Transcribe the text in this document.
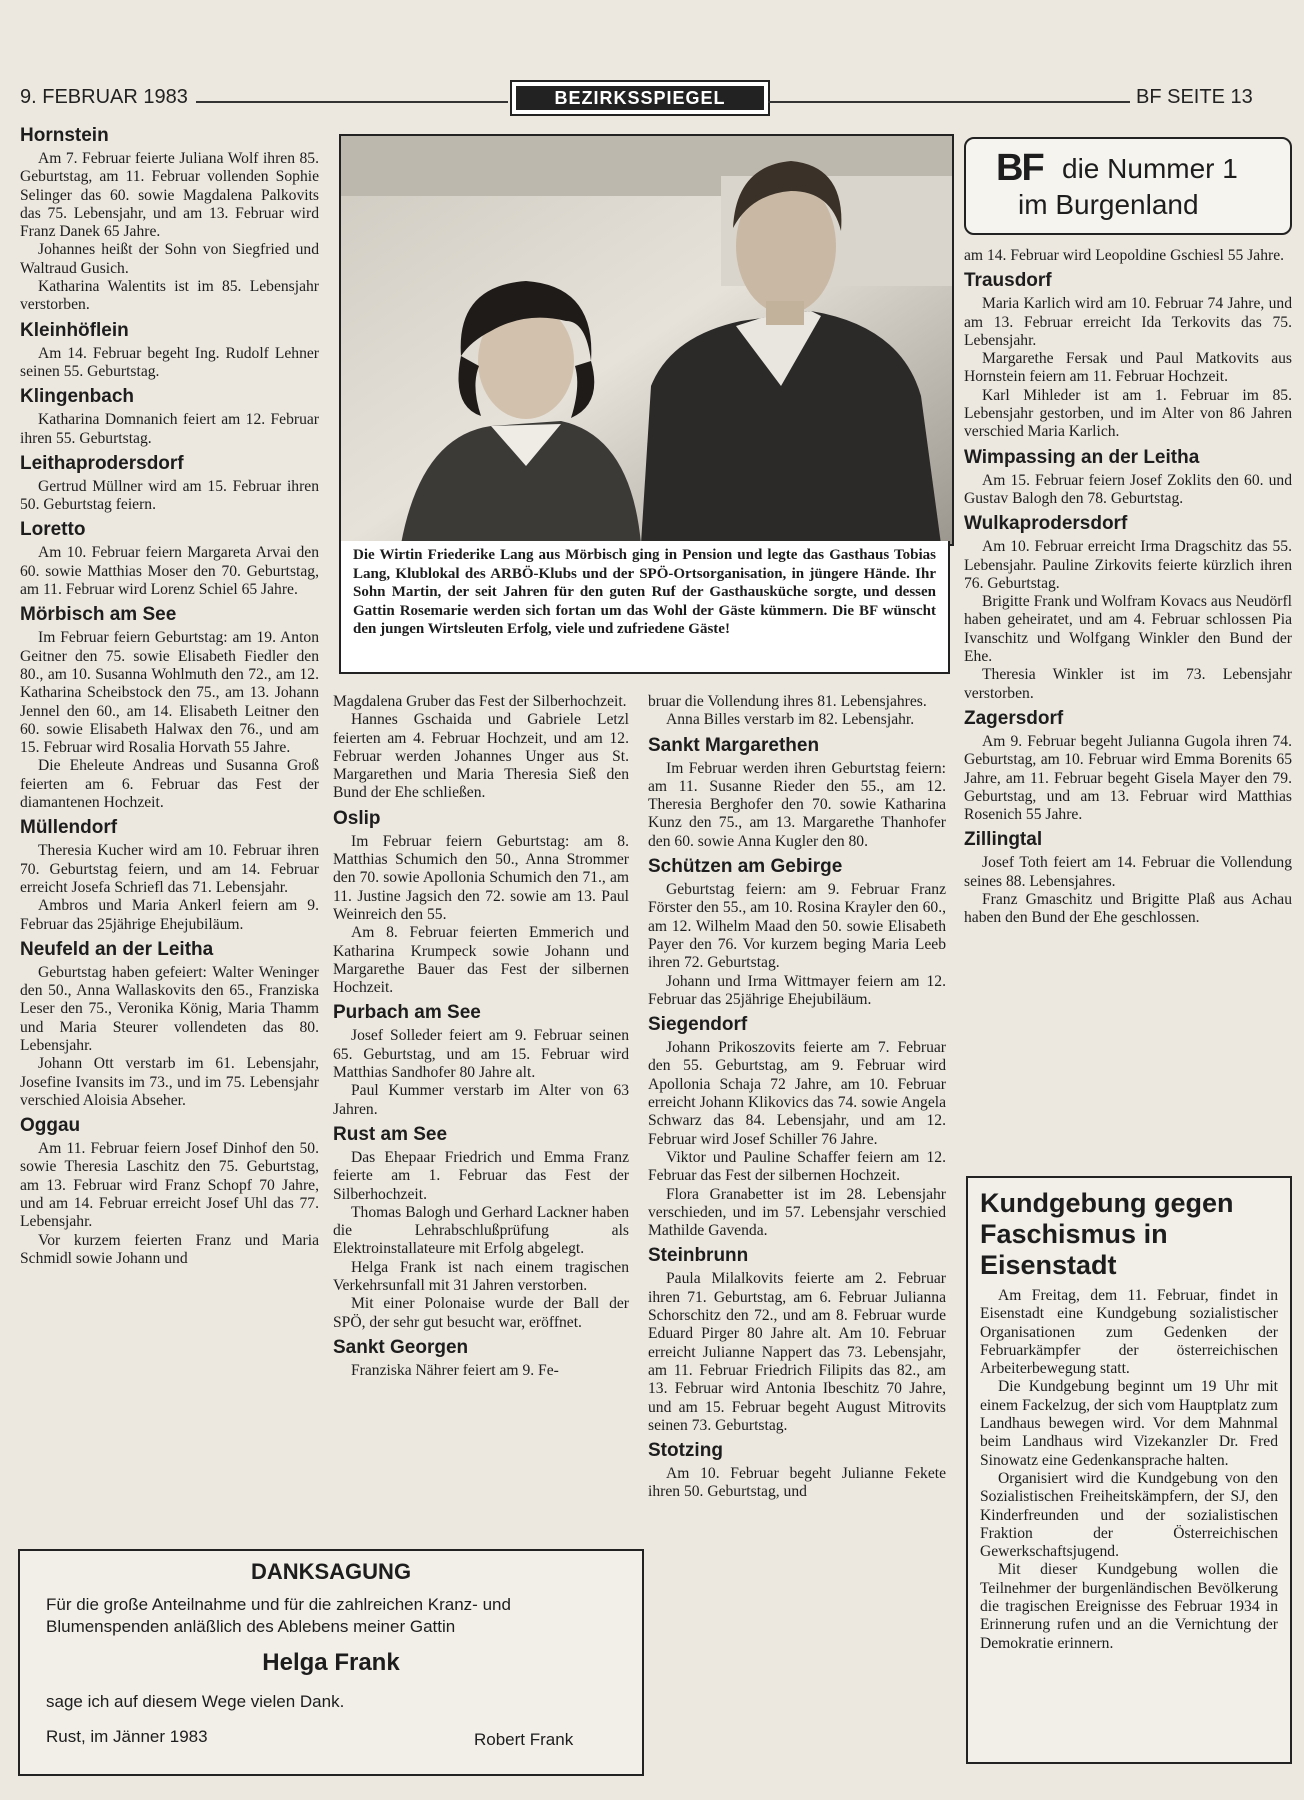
9. FEBRUAR 1983	BEZIRKSSPIEGEL	BF SEITE 13
Hornstein

Am 7. Februar feierte Juliana Wolf ihren 85. Geburtstag, am 11. Februar vollenden Sophie Selinger das 60. sowie Magdalena Palkovits das 75. Lebensjahr, und am 13. Februar wird Franz Danek 65 Jahre.

Johannes heißt der Sohn von Siegfried und Waltraud Gusich.

Katharina Walentits ist im 85. Lebensjahr verstorben.

Kleinhöflein

Am 14. Februar begeht Ing. Rudolf Lehner seinen 55. Geburtstag.

Klingenbach

Katharina Domnanich feiert am 12. Februar ihren 55. Geburtstag.

Leithaprodersdorf

Gertrud Müllner wird am 15. Februar ihren 50. Geburtstag feiern.

Loretto

Am 10. Februar feiern Margareta Arvai den 60. sowie Matthias Moser den 70. Geburtstag, am 11. Februar wird Lorenz Schiel 65 Jahre.

Mörbisch am See

Im Februar feiern Geburtstag: am 19. Anton Geitner den 75. sowie Elisabeth Fiedler den 80., am 10. Susanna Wohlmuth den 72., am 12. Katharina Scheibstock den 75., am 13. Johann Jennel den 60., am 14. Elisabeth Leitner den 60. sowie Elisabeth Halwax den 76., und am 15. Februar wird Rosalia Horvath 55 Jahre.

Die Eheleute Andreas und Susanna Groß feierten am 6. Februar das Fest der diamantenen Hochzeit.

Müllendorf

Theresia Kucher wird am 10. Februar ihren 70. Geburtstag feiern, und am 14. Februar erreicht Josefa Schriefl das 71. Lebensjahr.

Ambros und Maria Ankerl feiern am 9. Februar das 25jährige Ehejubiläum.

Neufeld an der Leitha

Geburtstag haben gefeiert: Walter Weninger den 50., Anna Wallaskovits den 65., Franziska Leser den 75., Veronika König, Maria Thamm und Maria Steurer vollendeten das 80. Lebensjahr.

Johann Ott verstarb im 61. Lebensjahr, Josefine Ivansits im 73., und im 75. Lebensjahr verschied Aloisia Abseher.

Oggau

Am 11. Februar feiern Josef Dinhof den 50. sowie Theresia Laschitz den 75. Geburtstag, am 13. Februar wird Franz Schopf 70 Jahre, und am 14. Februar erreicht Josef Uhl das 77. Lebensjahr.

Vor kurzem feierten Franz und Maria Schmidl sowie Johann und

Magdalena Gruber das Fest der Silberhochzeit.

Hannes Gschaida und Gabriele Letzl feierten am 4. Februar Hochzeit, und am 12. Februar werden Johannes Unger aus St. Margarethen und Maria Theresia Sieß den Bund der Ehe schließen.

Oslip

Im Februar feiern Geburtstag: am 8. Matthias Schumich den 50., Anna Strommer den 70. sowie Apollonia Schumich den 71., am 11. Justine Jagsich den 72. sowie am 13. Paul Weinreich den 55.

Am 8. Februar feierten Emmerich und Katharina Krumpeck sowie Johann und Margarethe Bauer das Fest der silbernen Hochzeit.

Purbach am See

Josef Solleder feiert am 9. Februar seinen 65. Geburtstag, und am 15. Februar wird Matthias Sandhofer 80 Jahre alt.

Paul Kummer verstarb im Alter von 63 Jahren.

Rust am See

Das Ehepaar Friedrich und Emma Franz feierte am 1. Februar das Fest der Silberhochzeit.

Thomas Balogh und Gerhard Lackner haben die Lehrabschlußprüfung als Elektroinstallateure mit Erfolg abgelegt.

Helga Frank ist nach einem tragischen Verkehrsunfall mit 31 Jahren verstorben.

Mit einer Polonaise wurde der Ball der SPÖ, der sehr gut besucht war, eröffnet.

Sankt Georgen

Franziska Nährer feiert am 9. Fe-

bruar die Vollendung ihres 81. Lebensjahres.

Anna Billes verstarb im 82. Lebensjahr.

Sankt Margarethen

Im Februar werden ihren Geburtstag feiern: am 11. Susanne Rieder den 55., am 12. Theresia Berghofer den 70. sowie Katharina Kunz den 75., am 13. Margarethe Thanhofer den 60. sowie Anna Kugler den 80.

Schützen am Gebirge

Geburtstag feiern: am 9. Februar Franz Förster den 55., am 10. Rosina Krayler den 60., am 12. Wilhelm Maad den 50. sowie Elisabeth Payer den 76. Vor kurzem beging Maria Leeb ihren 72. Geburtstag.

Johann und Irma Wittmayer feiern am 12. Februar das 25jährige Ehejubiläum.

Siegendorf

Johann Prikoszovits feierte am 7. Februar den 55. Geburtstag, am 9. Februar wird Apollonia Schaja 72 Jahre, am 10. Februar erreicht Johann Klikovics das 74. sowie Angela Schwarz das 84. Lebensjahr, und am 12. Februar wird Josef Schiller 76 Jahre.

Viktor und Pauline Schaffer feiern am 12. Februar das Fest der silbernen Hochzeit.

Flora Granabetter ist im 28. Lebensjahr verschieden, und im 57. Lebensjahr verschied Mathilde Gavenda.

Steinbrunn

Paula Milalkovits feierte am 2. Februar ihren 71. Geburtstag, am 6. Februar Julianna Schorschitz den 72., und am 8. Februar wurde Eduard Pirger 80 Jahre alt. Am 10. Februar erreicht Julianne Nappert das 73. Lebensjahr, am 11. Februar Friedrich Filipits das 82., am 13. Februar wird Antonia Ibeschitz 70 Jahre, und am 15. Februar begeht August Mitrovits seinen 73. Geburtstag.

Stotzing

Am 10. Februar begeht Julianne Fekete ihren 50. Geburtstag, und

am 14. Februar wird Leopoldine Gschiesl 55 Jahre.

Trausdorf

Maria Karlich wird am 10. Februar 74 Jahre, und am 13. Februar erreicht Ida Terkovits das 75. Lebensjahr.

Margarethe Fersak und Paul Matkovits aus Hornstein feiern am 11. Februar Hochzeit.

Karl Mihleder ist am 1. Februar im 85. Lebensjahr gestorben, und im Alter von 86 Jahren verschied Maria Karlich.

Wimpassing an der Leitha

Am 15. Februar feiern Josef Zoklits den 60. und Gustav Balogh den 78. Geburtstag.

Wulkaprodersdorf

Am 10. Februar erreicht Irma Dragschitz das 55. Lebensjahr. Pauline Zirkovits feierte kürzlich ihren 76. Geburtstag.

Brigitte Frank und Wolfram Kovacs aus Neudörfl haben geheiratet, und am 4. Februar schlossen Pia Ivanschitz und Wolfgang Winkler den Bund der Ehe.

Theresia Winkler ist im 73. Lebensjahr verstorben.

Zagersdorf

Am 9. Februar begeht Julianna Gugola ihren 74. Geburtstag, am 10. Februar wird Emma Borenits 65 Jahre, am 11. Februar begeht Gisela Mayer den 79. Geburtstag, und am 13. Februar wird Matthias Rosenich 55 Jahre.

Zillingtal

Josef Toth feiert am 14. Februar die Vollendung seines 88. Lebensjahres.

Franz Gmaschitz und Brigitte Plaß aus Achau haben den Bund der Ehe geschlossen.

BF die Nummer 1
im Burgenland
Die Wirtin Friederike Lang aus Mörbisch ging in Pension und legte das Gasthaus Tobias Lang, Klublokal des ARBÖ-Klubs und der SPÖ-Ortsorganisation, in jüngere Hände. Ihr Sohn Martin, der seit Jahren für den guten Ruf der Gasthausküche sorgte, und dessen Gattin Rosemarie werden sich fortan um das Wohl der Gäste kümmern. Die BF wünscht den jungen Wirtsleuten Erfolg, viele und zufriedene Gäste!
DANKSAGUNG
Für die große Anteilnahme und für die zahlreichen Kranz- und
Blumenspenden anläßlich des Ablebens meiner Gattin
Helga Frank
sage ich auf diesem Wege vielen Dank.
Rust, im Jänner 1983	Robert Frank
Kundgebung gegen Faschismus in Eisenstadt

Am Freitag, dem 11. Februar, findet in Eisenstadt eine Kundgebung sozialistischer Organisationen zum Gedenken der Februarkämpfer der österreichischen Arbeiterbewegung statt.

Die Kundgebung beginnt um 19 Uhr mit einem Fackelzug, der sich vom Hauptplatz zum Landhaus bewegen wird. Vor dem Mahnmal beim Landhaus wird Vizekanzler Dr. Fred Sinowatz eine Gedenkansprache halten.

Organisiert wird die Kundgebung von den Sozialistischen Freiheitskämpfern, der SJ, den Kinderfreunden und der sozialistischen Fraktion der Österreichischen Gewerkschaftsjugend.

Mit dieser Kundgebung wollen die Teilnehmer der burgenländischen Bevölkerung die tragischen Ereignisse des Februar 1934 in Erinnerung rufen und an die Vernichtung der Demokratie erinnern.
